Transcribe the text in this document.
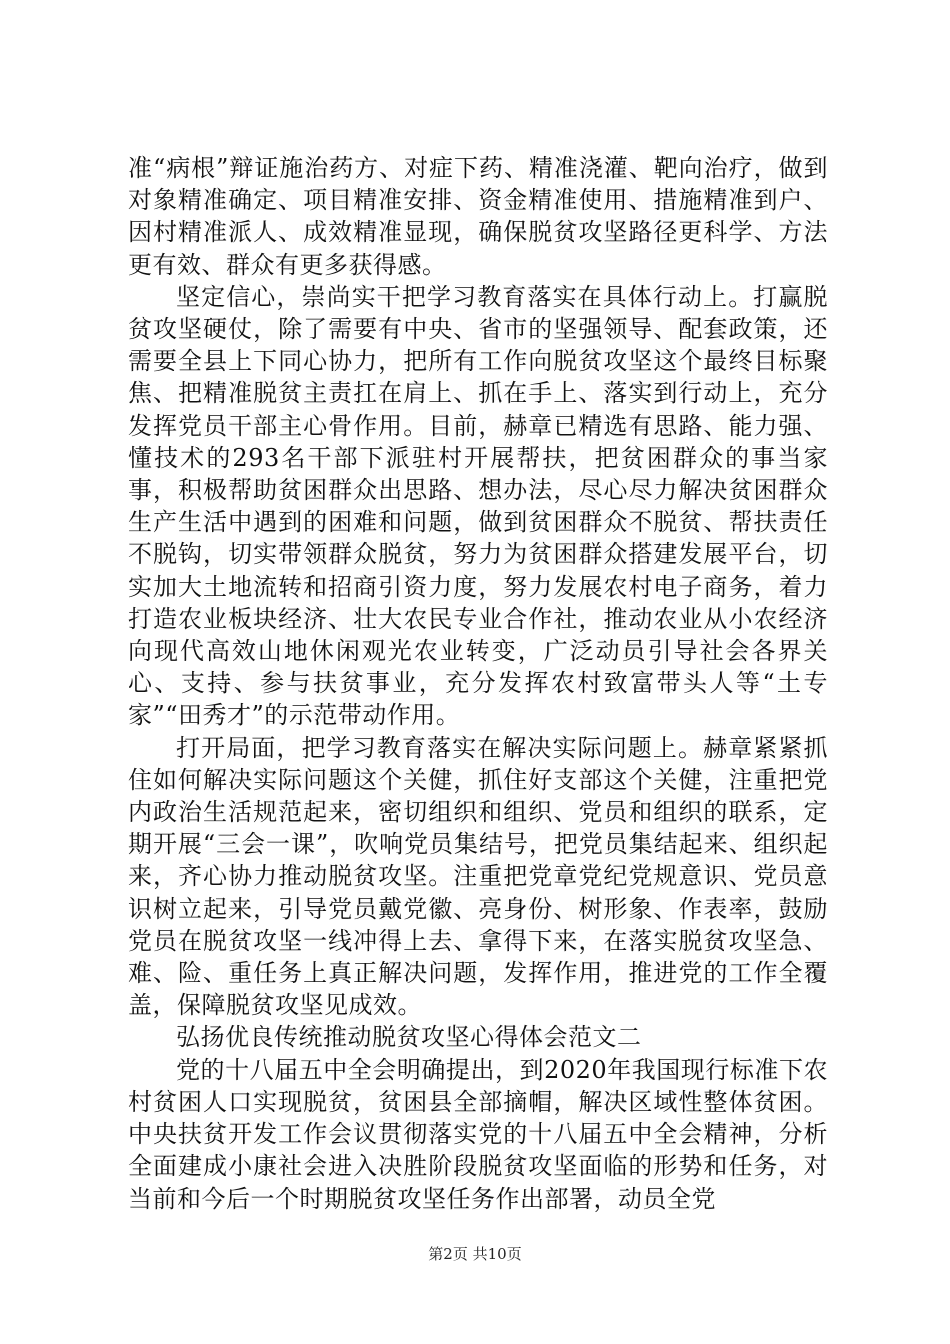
准“病根”辩证施治药方、对症下药、精准浇灌、靶向治疗，做到对象精准确定、项目精准安排、资金精准使用、措施精准到户、因村精准派人、成效精准显现，确保脱贫攻坚路径更科学、方法更有效、群众有更多获得感。

坚定信心，崇尚实干把学习教育落实在具体行动上。打赢脱贫攻坚硬仗，除了需要有中央、省市的坚强领导、配套政策，还需要全县上下同心协力，把所有工作向脱贫攻坚这个最终目标聚焦、把精准脱贫主责扛在肩上、抓在手上、落实到行动上，充分发挥党员干部主心骨作用。目前，赫章已精选有思路、能力强、懂技术的293名干部下派驻村开展帮扶，把贫困群众的事当家事，积极帮助贫困群众出思路、想办法，尽心尽力解决贫困群众生产生活中遇到的困难和问题，做到贫困群众不脱贫、帮扶责任不脱钩，切实带领群众脱贫，努力为贫困群众搭建发展平台，切实加大土地流转和招商引资力度，努力发展农村电子商务，着力打造农业板块经济、壮大农民专业合作社，推动农业从小农经济向现代高效山地休闲观光农业转变，广泛动员引导社会各界关心、支持、参与扶贫事业，充分发挥农村致富带头人等“土专家”“田秀才”的示范带动作用。

打开局面，把学习教育落实在解决实际问题上。赫章紧紧抓住如何解决实际问题这个关健，抓住好支部这个关健，注重把党内政治生活规范起来，密切组织和组织、党员和组织的联系，定期开展“三会一课”，吹响党员集结号，把党员集结起来、组织起来，齐心协力推动脱贫攻坚。注重把党章党纪党规意识、党员意识树立起来，引导党员戴党徽、亮身份、树形象、作表率，鼓励党员在脱贫攻坚一线冲得上去、拿得下来，在落实脱贫攻坚急、难、险、重任务上真正解决问题，发挥作用，推进党的工作全覆盖，保障脱贫攻坚见成效。

弘扬优良传统推动脱贫攻坚心得体会范文二

党的十八届五中全会明确提出，到2020年我国现行标准下农村贫困人口实现脱贫，贫困县全部摘帽，解决区域性整体贫困。中央扶贫开发工作会议贯彻落实党的十八届五中全会精神，分析全面建成小康社会进入决胜阶段脱贫攻坚面临的形势和任务，对当前和今后一个时期脱贫攻坚任务作出部署，动员全党

第2页 共10页
